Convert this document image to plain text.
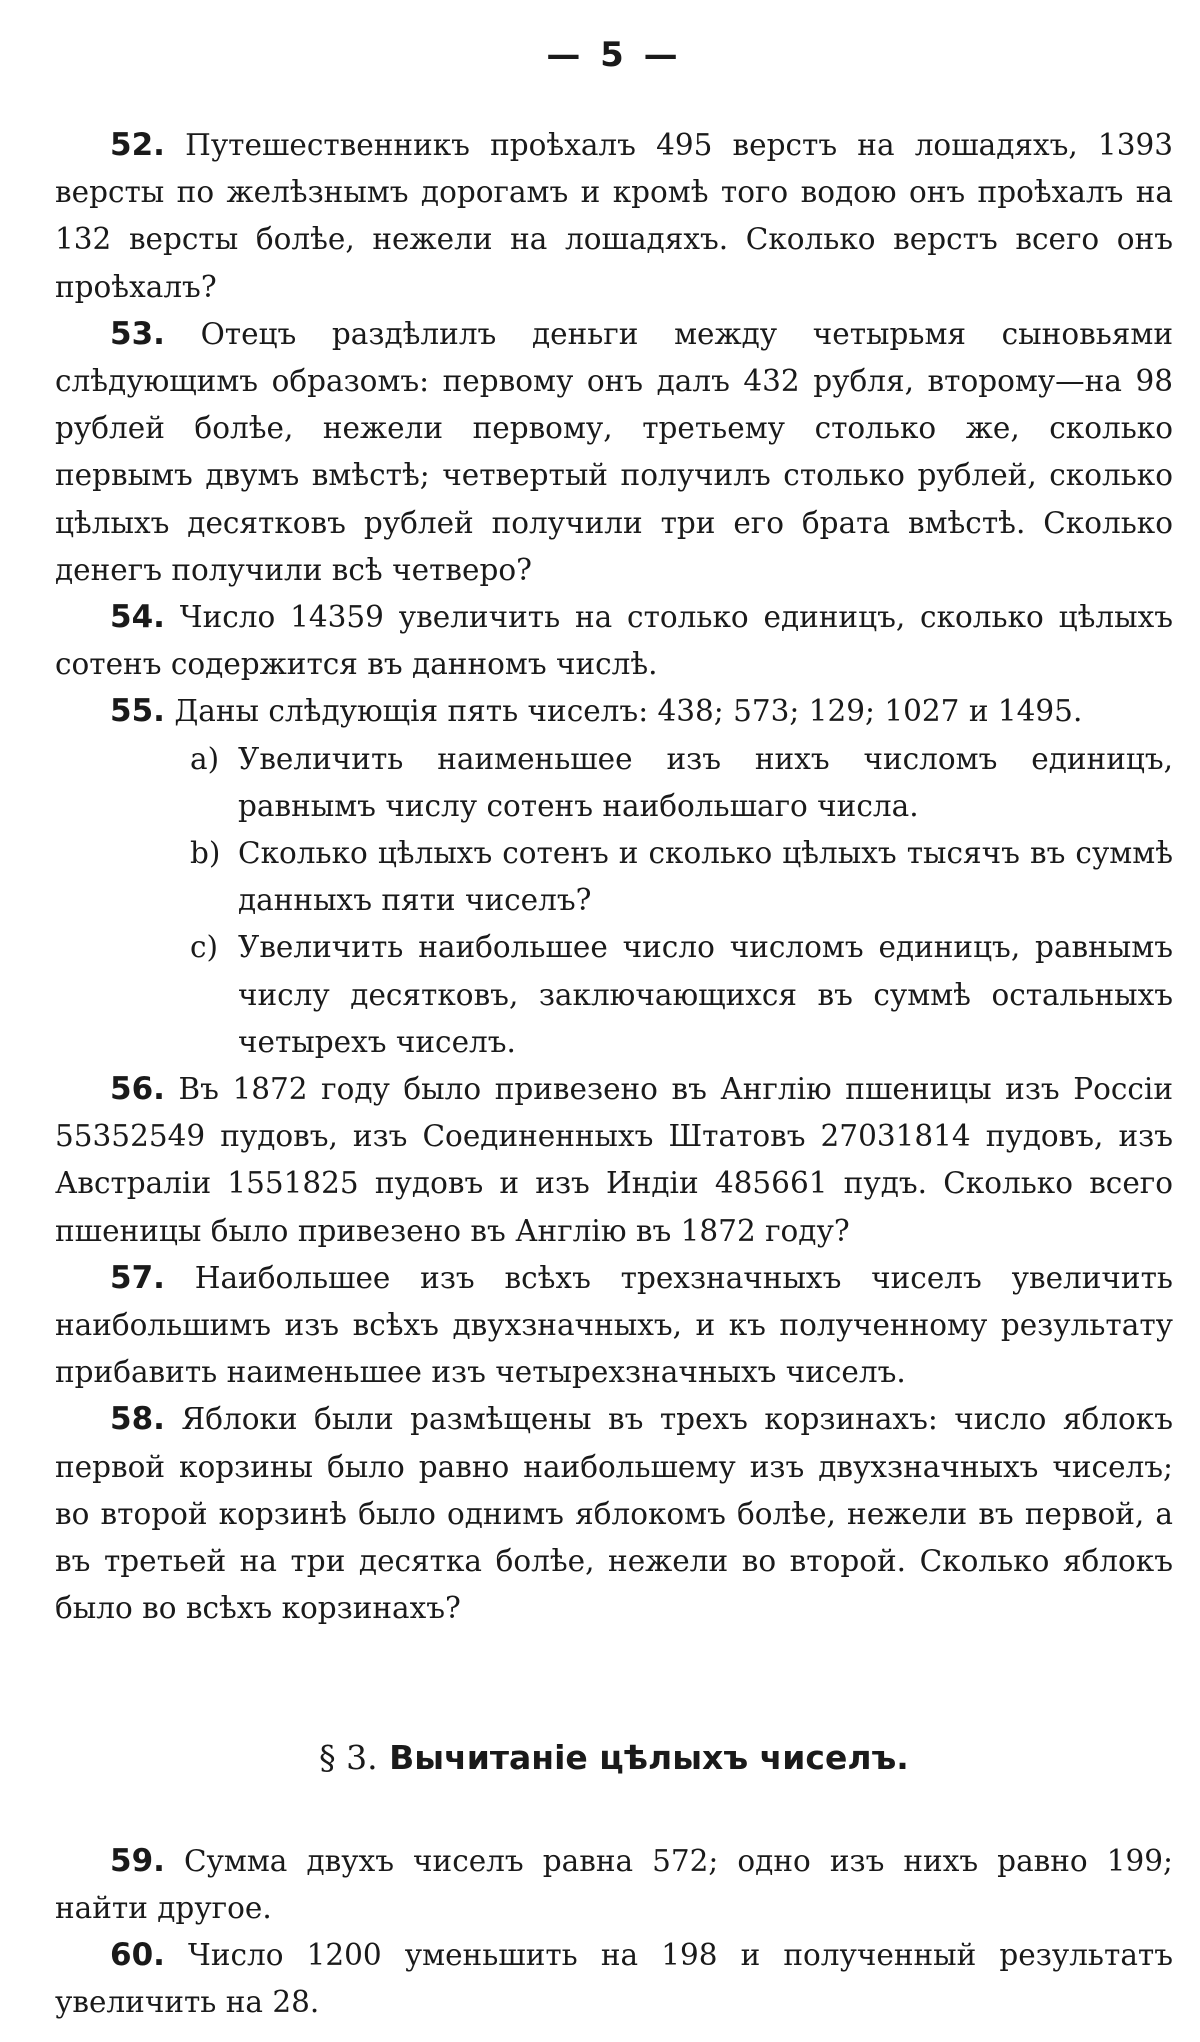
— 5 —

52. Путешественникъ проѣхалъ 495 верстъ на лошадяхъ, 1393 версты по желѣзнымъ дорогамъ и кромѣ того водою онъ проѣхалъ на 132 версты болѣе, нежели на лошадяхъ. Сколько верстъ всего онъ проѣхалъ?

53. Отецъ раздѣлилъ деньги между четырьмя сыновьями слѣдующимъ образомъ: первому онъ далъ 432 рубля, второму—на 98 рублей болѣе, нежели первому, третьему столько же, сколько первымъ двумъ вмѣстѣ; четвертый получилъ столько рублей, сколько цѣлыхъ десятковъ рублей получили три его брата вмѣстѣ. Сколько денегъ получили всѣ четверо?

54. Число 14359 увеличить на столько единицъ, сколько цѣлыхъ сотенъ содержится въ данномъ числѣ.

55. Даны слѣдующія пять чиселъ: 438; 573; 129; 1027 и 1495.

a) Увеличить наименьшее изъ нихъ числомъ единицъ, равнымъ числу сотенъ наибольшаго числа.
b) Сколько цѣлыхъ сотенъ и сколько цѣлыхъ тысячъ въ суммѣ данныхъ пяти чиселъ?
c) Увеличить наибольшее число числомъ единицъ, равнымъ числу десятковъ, заключающихся въ суммѣ остальныхъ четырехъ чиселъ.

56. Въ 1872 году было привезено въ Англію пшеницы изъ Россіи 55352549 пудовъ, изъ Соединенныхъ Штатовъ 27031814 пудовъ, изъ Австраліи 1551825 пудовъ и изъ Индіи 485661 пудъ. Сколько всего пшеницы было привезено въ Англію въ 1872 году?

57. Наибольшее изъ всѣхъ трехзначныхъ чиселъ увеличить наибольшимъ изъ всѣхъ двухзначныхъ, и къ полученному результату прибавить наименьшее изъ четырехзначныхъ чиселъ.

58. Яблоки были размѣщены въ трехъ корзинахъ: число яблокъ первой корзины было равно наибольшему изъ двухзначныхъ чиселъ; во второй корзинѣ было однимъ яблокомъ болѣе, нежели въ первой, а въ третьей на три десятка болѣе, нежели во второй. Сколько яблокъ было во всѣхъ корзинахъ?

§ 3. Вычитаніе цѣлыхъ чиселъ.

59. Сумма двухъ чиселъ равна 572; одно изъ нихъ равно 199; найти другое.

60. Число 1200 уменьшить на 198 и полученный результатъ увеличить на 28.
